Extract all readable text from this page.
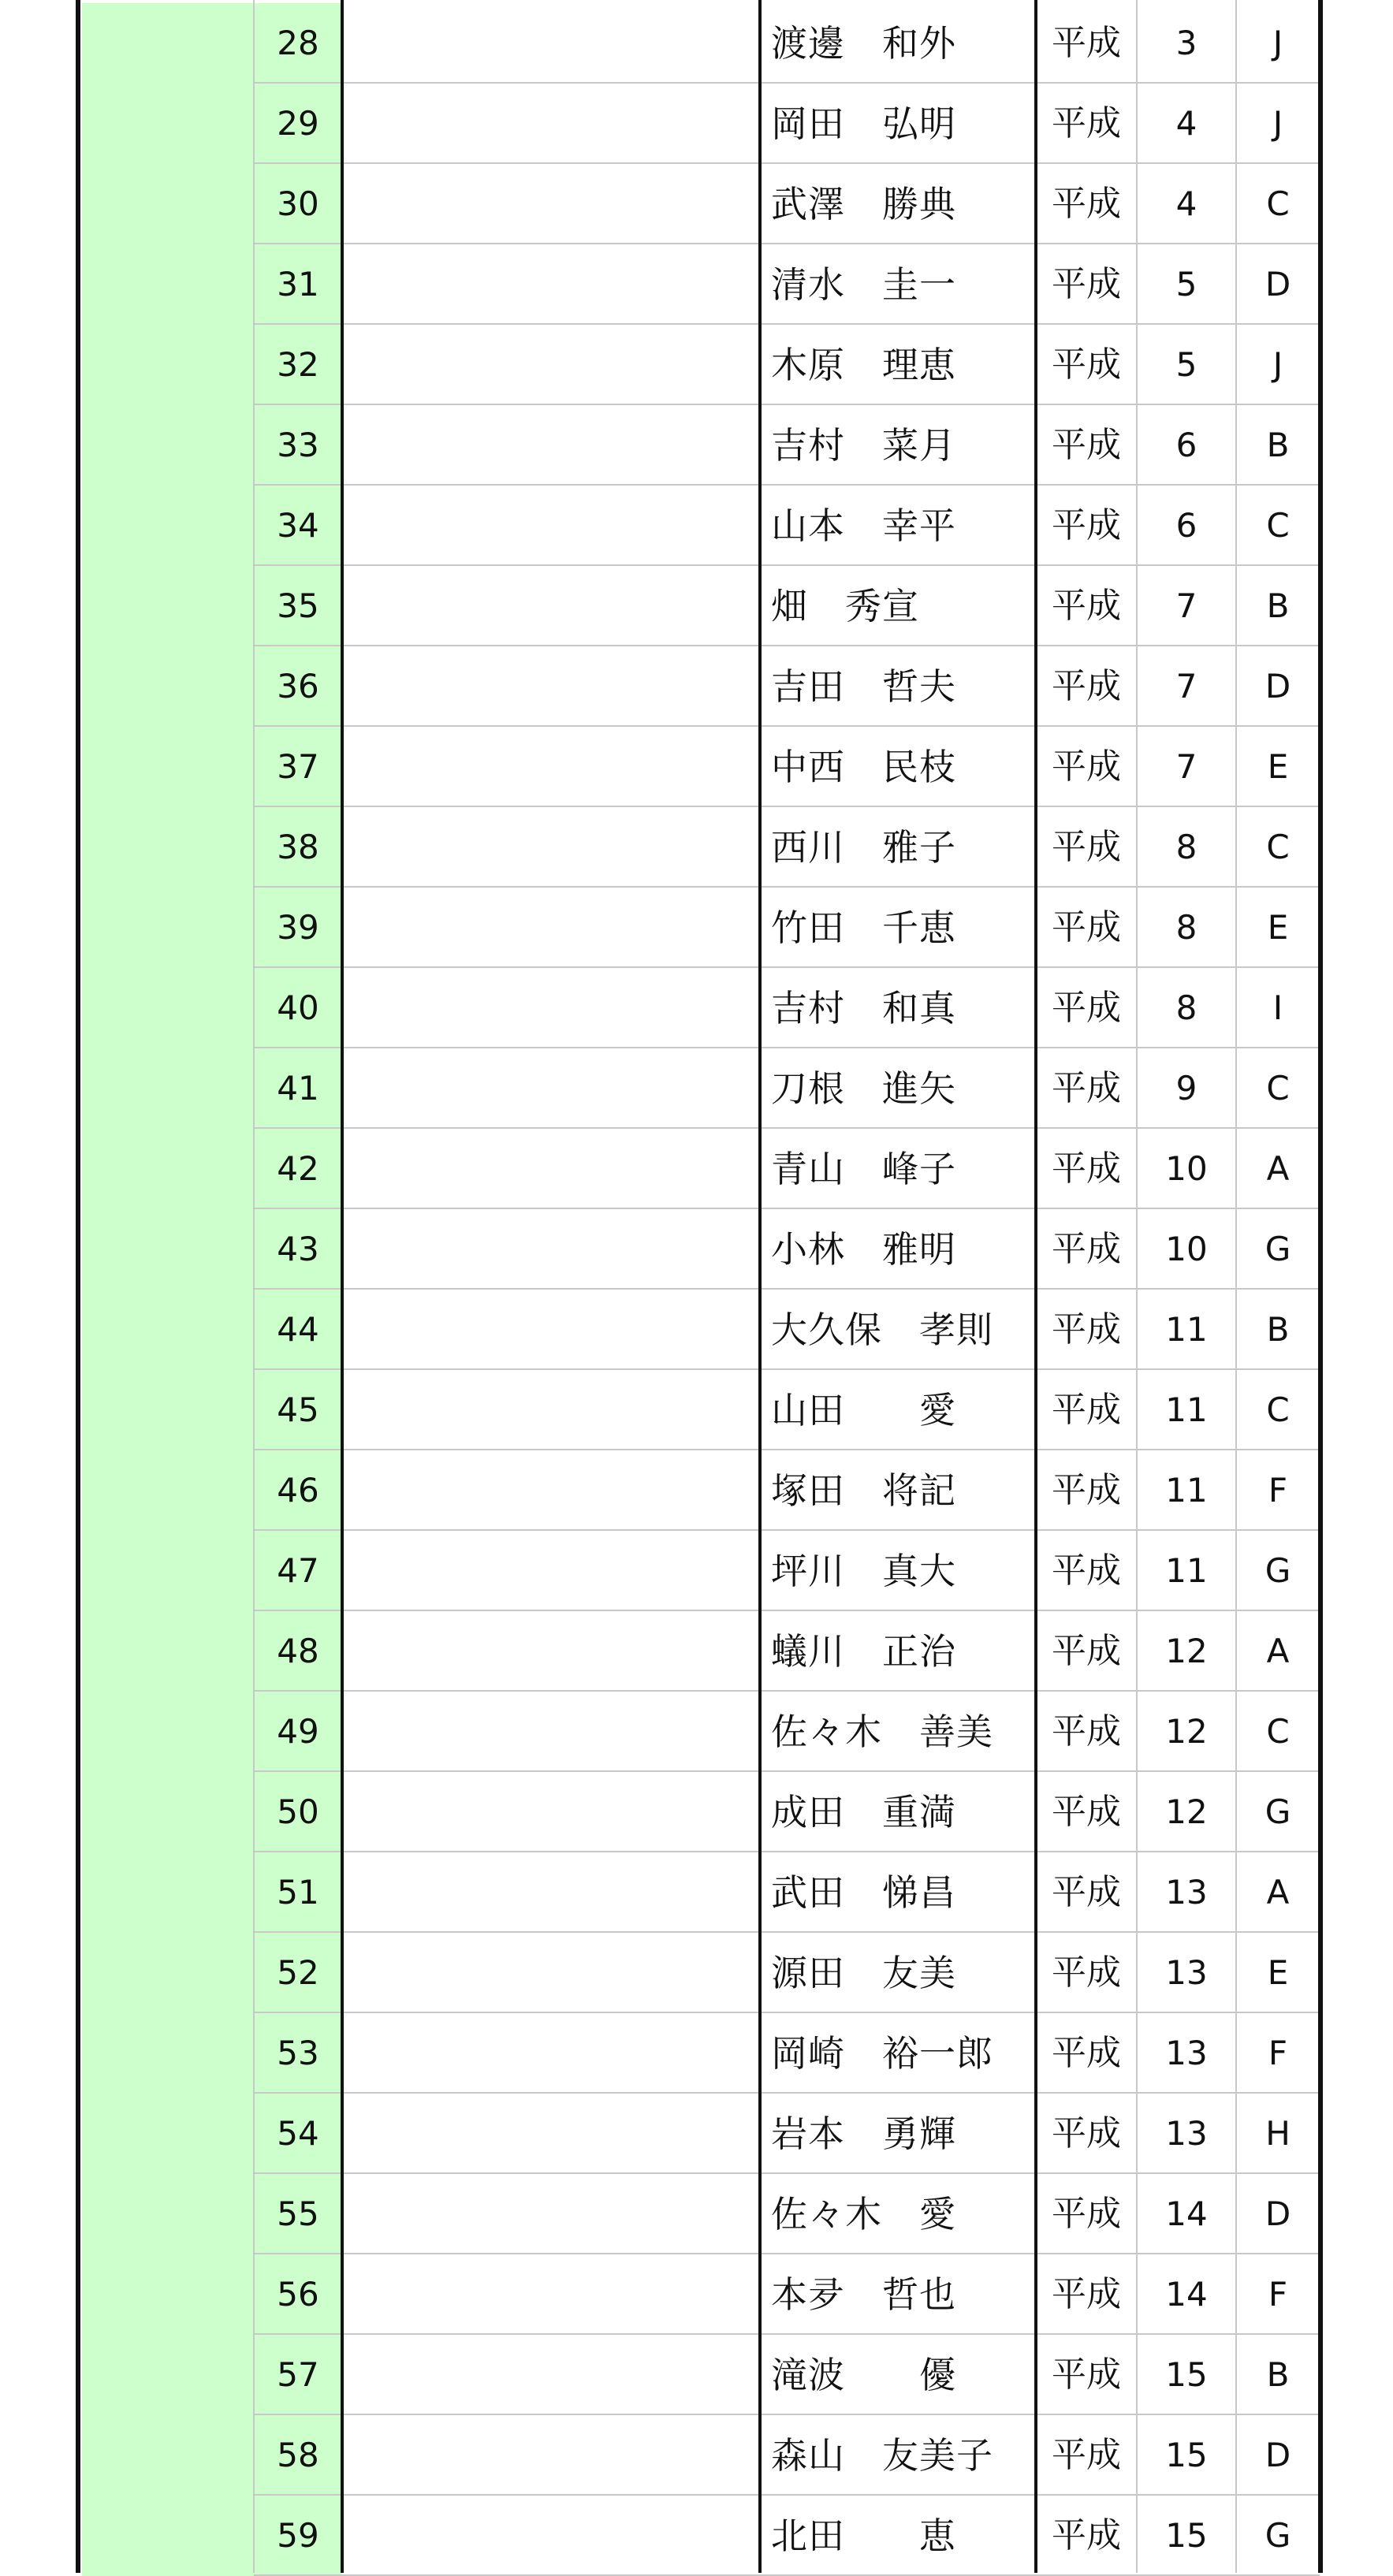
28	渡邊　和外	平成	3	J
29	岡田　弘明	平成	4	J
30	武澤　勝典	平成	4	C
31	清水　圭一	平成	5	D
32	木原　理恵	平成	5	J
33	吉村　菜月	平成	6	B
34	山本　幸平	平成	6	C
35	畑　秀宣	平成	7	B
36	吉田　哲夫	平成	7	D
37	中西　民枝	平成	7	E
38	西川　雅子	平成	8	C
39	竹田　千恵	平成	8	E
40	吉村　和真	平成	8	I
41	刀根　進矢	平成	9	C
42	青山　峰子	平成	10	A
43	小林　雅明	平成	10	G
44	大久保　孝則	平成	11	B
45	山田　　愛	平成	11	C
46	塚田　将記	平成	11	F
47	坪川　真大	平成	11	G
48	蟻川　正治	平成	12	A
49	佐々木　善美	平成	12	C
50	成田　重満	平成	12	G
51	武田　悌昌	平成	13	A
52	源田　友美	平成	13	E
53	岡崎　裕一郎	平成	13	F
54	岩本　勇輝	平成	13	H
55	佐々木　愛	平成	14	D
56	本夛　哲也	平成	14	F
57	滝波　　優	平成	15	B
58	森山　友美子	平成	15	D
59	北田　　恵	平成	15	G
